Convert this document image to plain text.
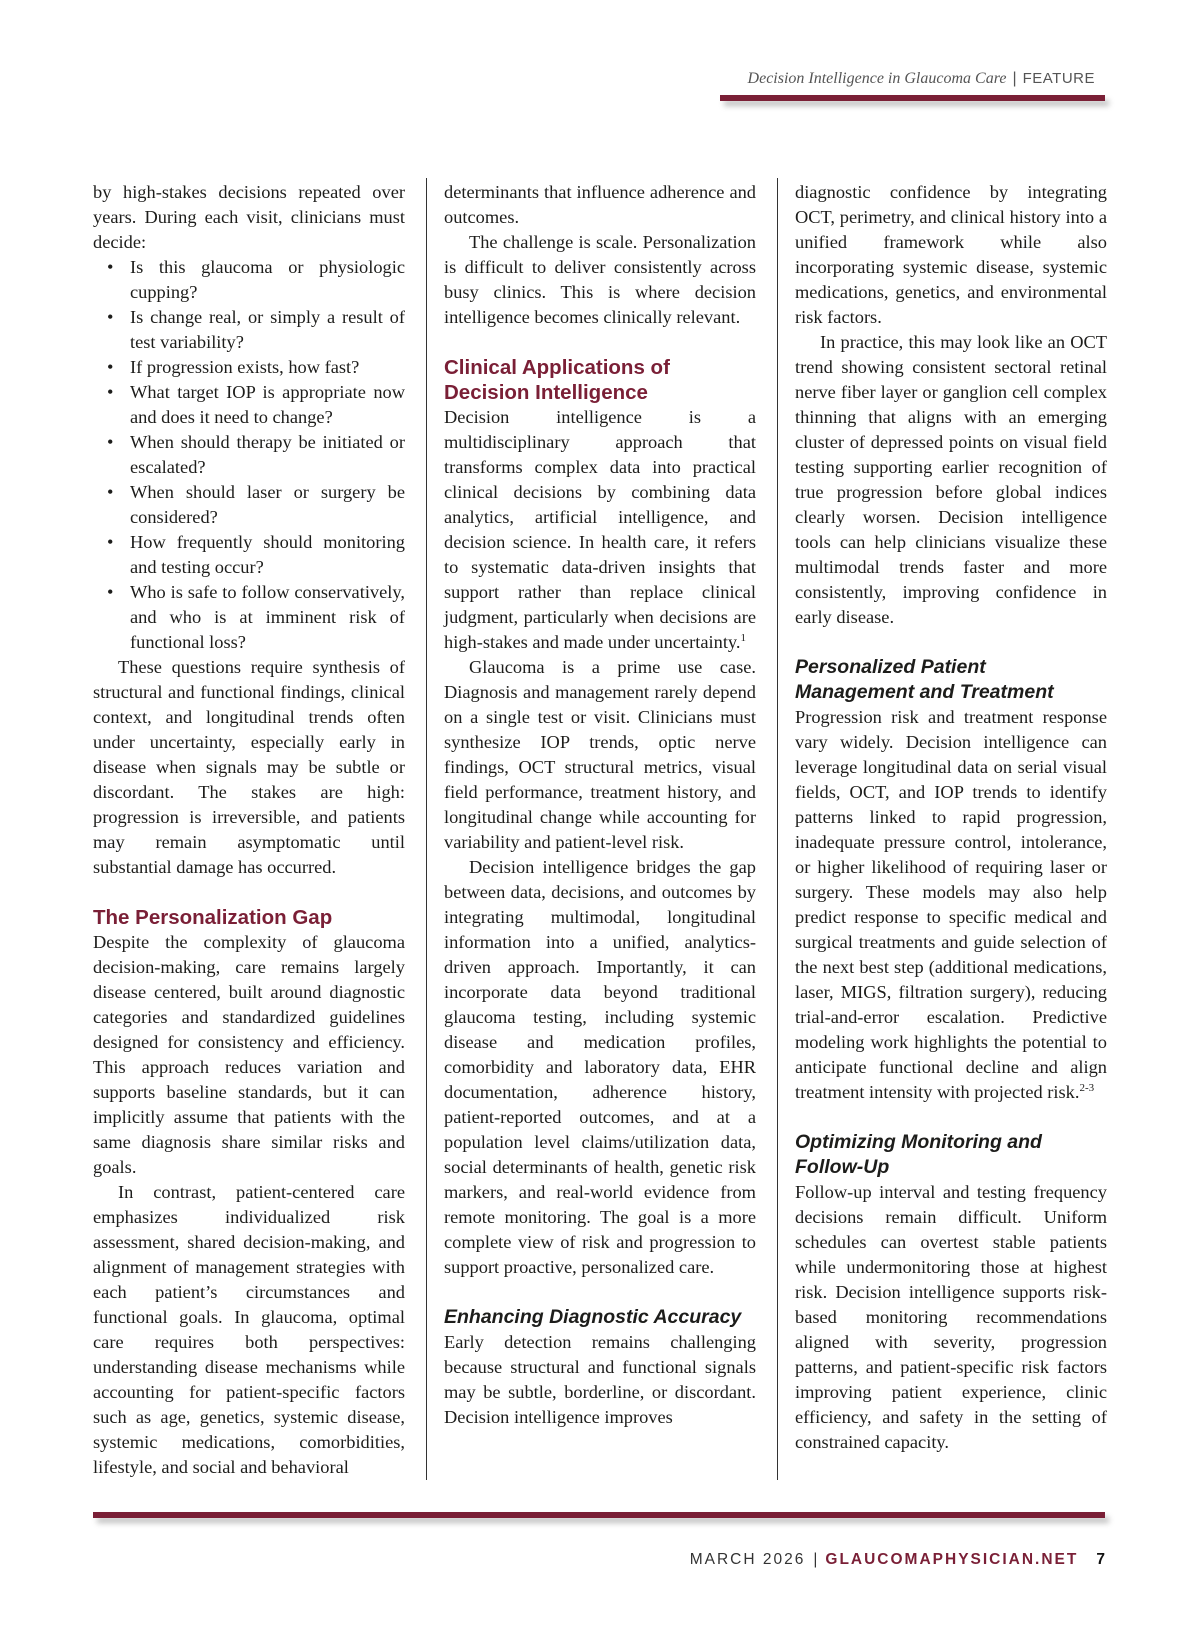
Decision Intelligence in Glaucoma Care | FEATURE

by high-stakes decisions repeated over years. During each visit, clinicians must decide:

• Is this glaucoma or physiologic cupping?
• Is change real, or simply a result of test variability?
• If progression exists, how fast?
• What target IOP is appropriate now and does it need to change?
• When should therapy be initiated or escalated?
• When should laser or surgery be considered?
• How frequently should monitoring and testing occur?
• Who is safe to follow conservatively, and who is at imminent risk of functional loss?

These questions require synthesis of structural and functional findings, clinical context, and longitudinal trends often under uncertainty, especially early in disease when signals may be subtle or discordant. The stakes are high: progression is irreversible, and patients may remain asymptomatic until substantial damage has occurred.

The Personalization Gap

Despite the complexity of glaucoma decision-making, care remains largely disease centered, built around diagnostic categories and standardized guidelines designed for consistency and efficiency. This approach reduces variation and supports baseline standards, but it can implicitly assume that patients with the same diagnosis share similar risks and goals.

In contrast, patient-centered care emphasizes individualized risk assessment, shared decision-making, and alignment of management strategies with each patient’s circumstances and functional goals. In glaucoma, optimal care requires both perspectives: understanding disease mechanisms while accounting for patient-specific factors such as age, genetics, systemic disease, systemic medications, comorbidities, lifestyle, and social and behavioral

determinants that influence adherence and outcomes.

The challenge is scale. Personalization is difficult to deliver consistently across busy clinics. This is where decision intelligence becomes clinically relevant.

Clinical Applications of Decision Intelligence

Decision intelligence is a multidisciplinary approach that transforms complex data into practical clinical decisions by combining data analytics, artificial intelligence, and decision science. In health care, it refers to systematic data-driven insights that support rather than replace clinical judgment, particularly when decisions are high-stakes and made under uncertainty.$^1$

Glaucoma is a prime use case. Diagnosis and management rarely depend on a single test or visit. Clinicians must synthesize IOP trends, optic nerve findings, OCT structural metrics, visual field performance, treatment history, and longitudinal change while accounting for variability and patient-level risk.

Decision intelligence bridges the gap between data, decisions, and outcomes by integrating multimodal, longitudinal information into a unified, analytics-driven approach. Importantly, it can incorporate data beyond traditional glaucoma testing, including systemic disease and medication profiles, comorbidity and laboratory data, EHR documentation, adherence history, patient-reported outcomes, and at a population level claims/utilization data, social determinants of health, genetic risk markers, and real-world evidence from remote monitoring. The goal is a more complete view of risk and progression to support proactive, personalized care.

Enhancing Diagnostic Accuracy

Early detection remains challenging because structural and functional signals may be subtle, borderline, or discordant. Decision intelligence improves

diagnostic confidence by integrating OCT, perimetry, and clinical history into a unified framework while also incorporating systemic disease, systemic medications, genetics, and environmental risk factors.

In practice, this may look like an OCT trend showing consistent sectoral retinal nerve fiber layer or ganglion cell complex thinning that aligns with an emerging cluster of depressed points on visual field testing supporting earlier recognition of true progression before global indices clearly worsen. Decision intelligence tools can help clinicians visualize these multimodal trends faster and more consistently, improving confidence in early disease.

Personalized Patient Management and Treatment

Progression risk and treatment response vary widely. Decision intelligence can leverage longitudinal data on serial visual fields, OCT, and IOP trends to identify patterns linked to rapid progression, inadequate pressure control, intolerance, or higher likelihood of requiring laser or surgery. These models may also help predict response to specific medical and surgical treatments and guide selection of the next best step (additional medications, laser, MIGS, filtration surgery), reducing trial-and-error escalation. Predictive modeling work highlights the potential to anticipate functional decline and align treatment intensity with projected risk.$^{2-3}$

Optimizing Monitoring and Follow-Up

Follow-up interval and testing frequency decisions remain difficult. Uniform schedules can overtest stable patients while undermonitoring those at highest risk. Decision intelligence supports risk-based monitoring recommendations aligned with severity, progression patterns, and patient-specific risk factors improving patient experience, clinic efficiency, and safety in the setting of constrained capacity.

MARCH 2026 | GLAUCOMAPHYSICIAN.NET 7
